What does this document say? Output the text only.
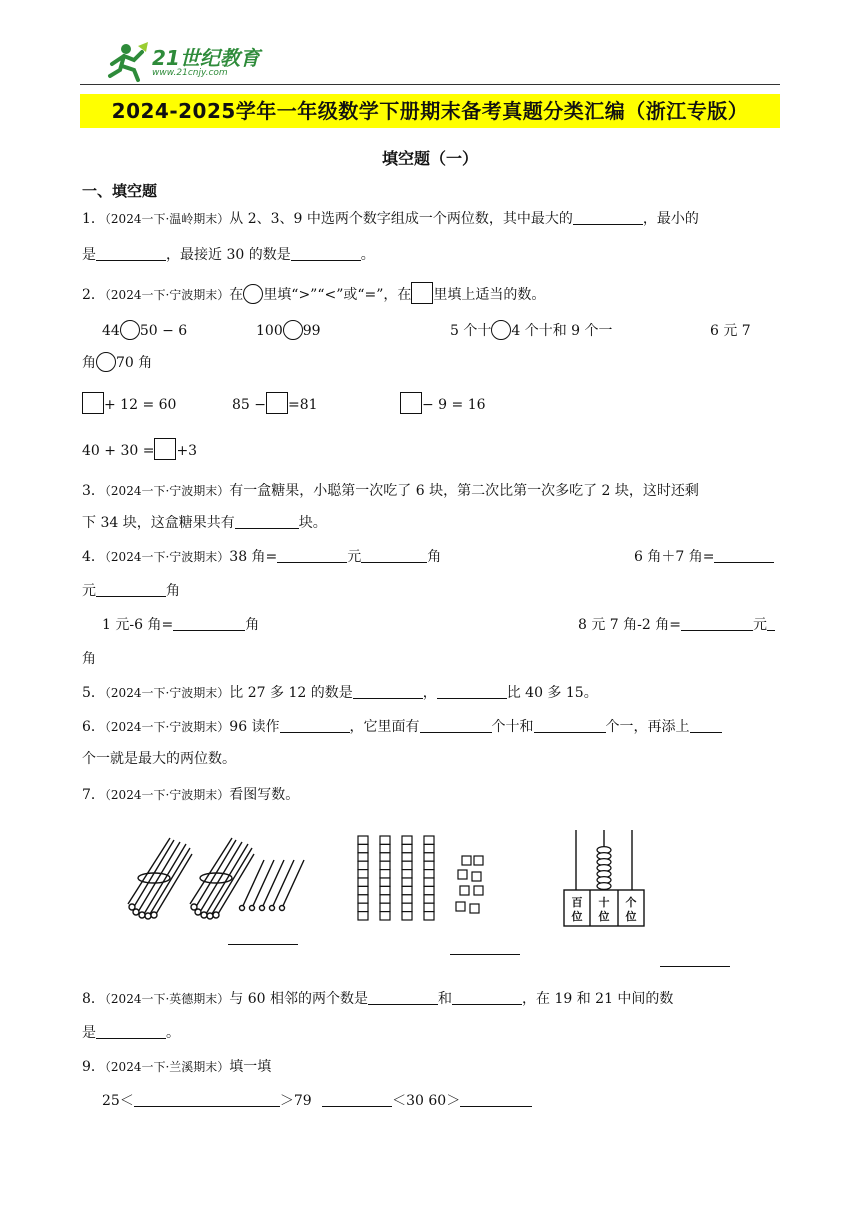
21世纪教育
www.21cnjy.com
2024-2025学年一年级数学下册期末备考真题分类汇编（浙江专版）
填空题（一）
一、填空题
1．（2024一下·温岭期末）从 2、3、9 中选两个数字组成一个两位数，其中最大的	，最小的
是	，最接近 30 的数是	。
2．（2024一下·宁波期末）在 里填“>”“<”或“=”，在 里填上适当的数。
44 50 − 6	100 99	5 个十 4 个十和 9 个一	6 元 7
角 70 角
+ 12 = 60	85 − =81	− 9 = 16
40 + 30 = +3
3．（2024一下·宁波期末）有一盒糖果，小聪第一次吃了 6 块，第二次比第一次多吃了 2 块，这时还剩
下 34 块，这盒糖果共有	块。
4．（2024一下·宁波期末）38 角=	元	角	6 角＋7 角=
元	角
1 元-6 角=	角	8 元 7 角-2 角=	元
角
5．（2024一下·宁波期末）比 27 多 12 的数是	，	比 40 多 15。
6．（2024一下·宁波期末）96 读作	，它里面有	个十和	个一，再添上
个一就是最大的两位数。
7．（2024一下·宁波期末）看图写数。
百
位
十
位
个
位
8．（2024一下·英德期末）与 60 相邻的两个数是	和	，在 19 和 21 中间的数
是	。
9．（2024一下·兰溪期末）填一填
25＜	＞79	＜30 60＞
